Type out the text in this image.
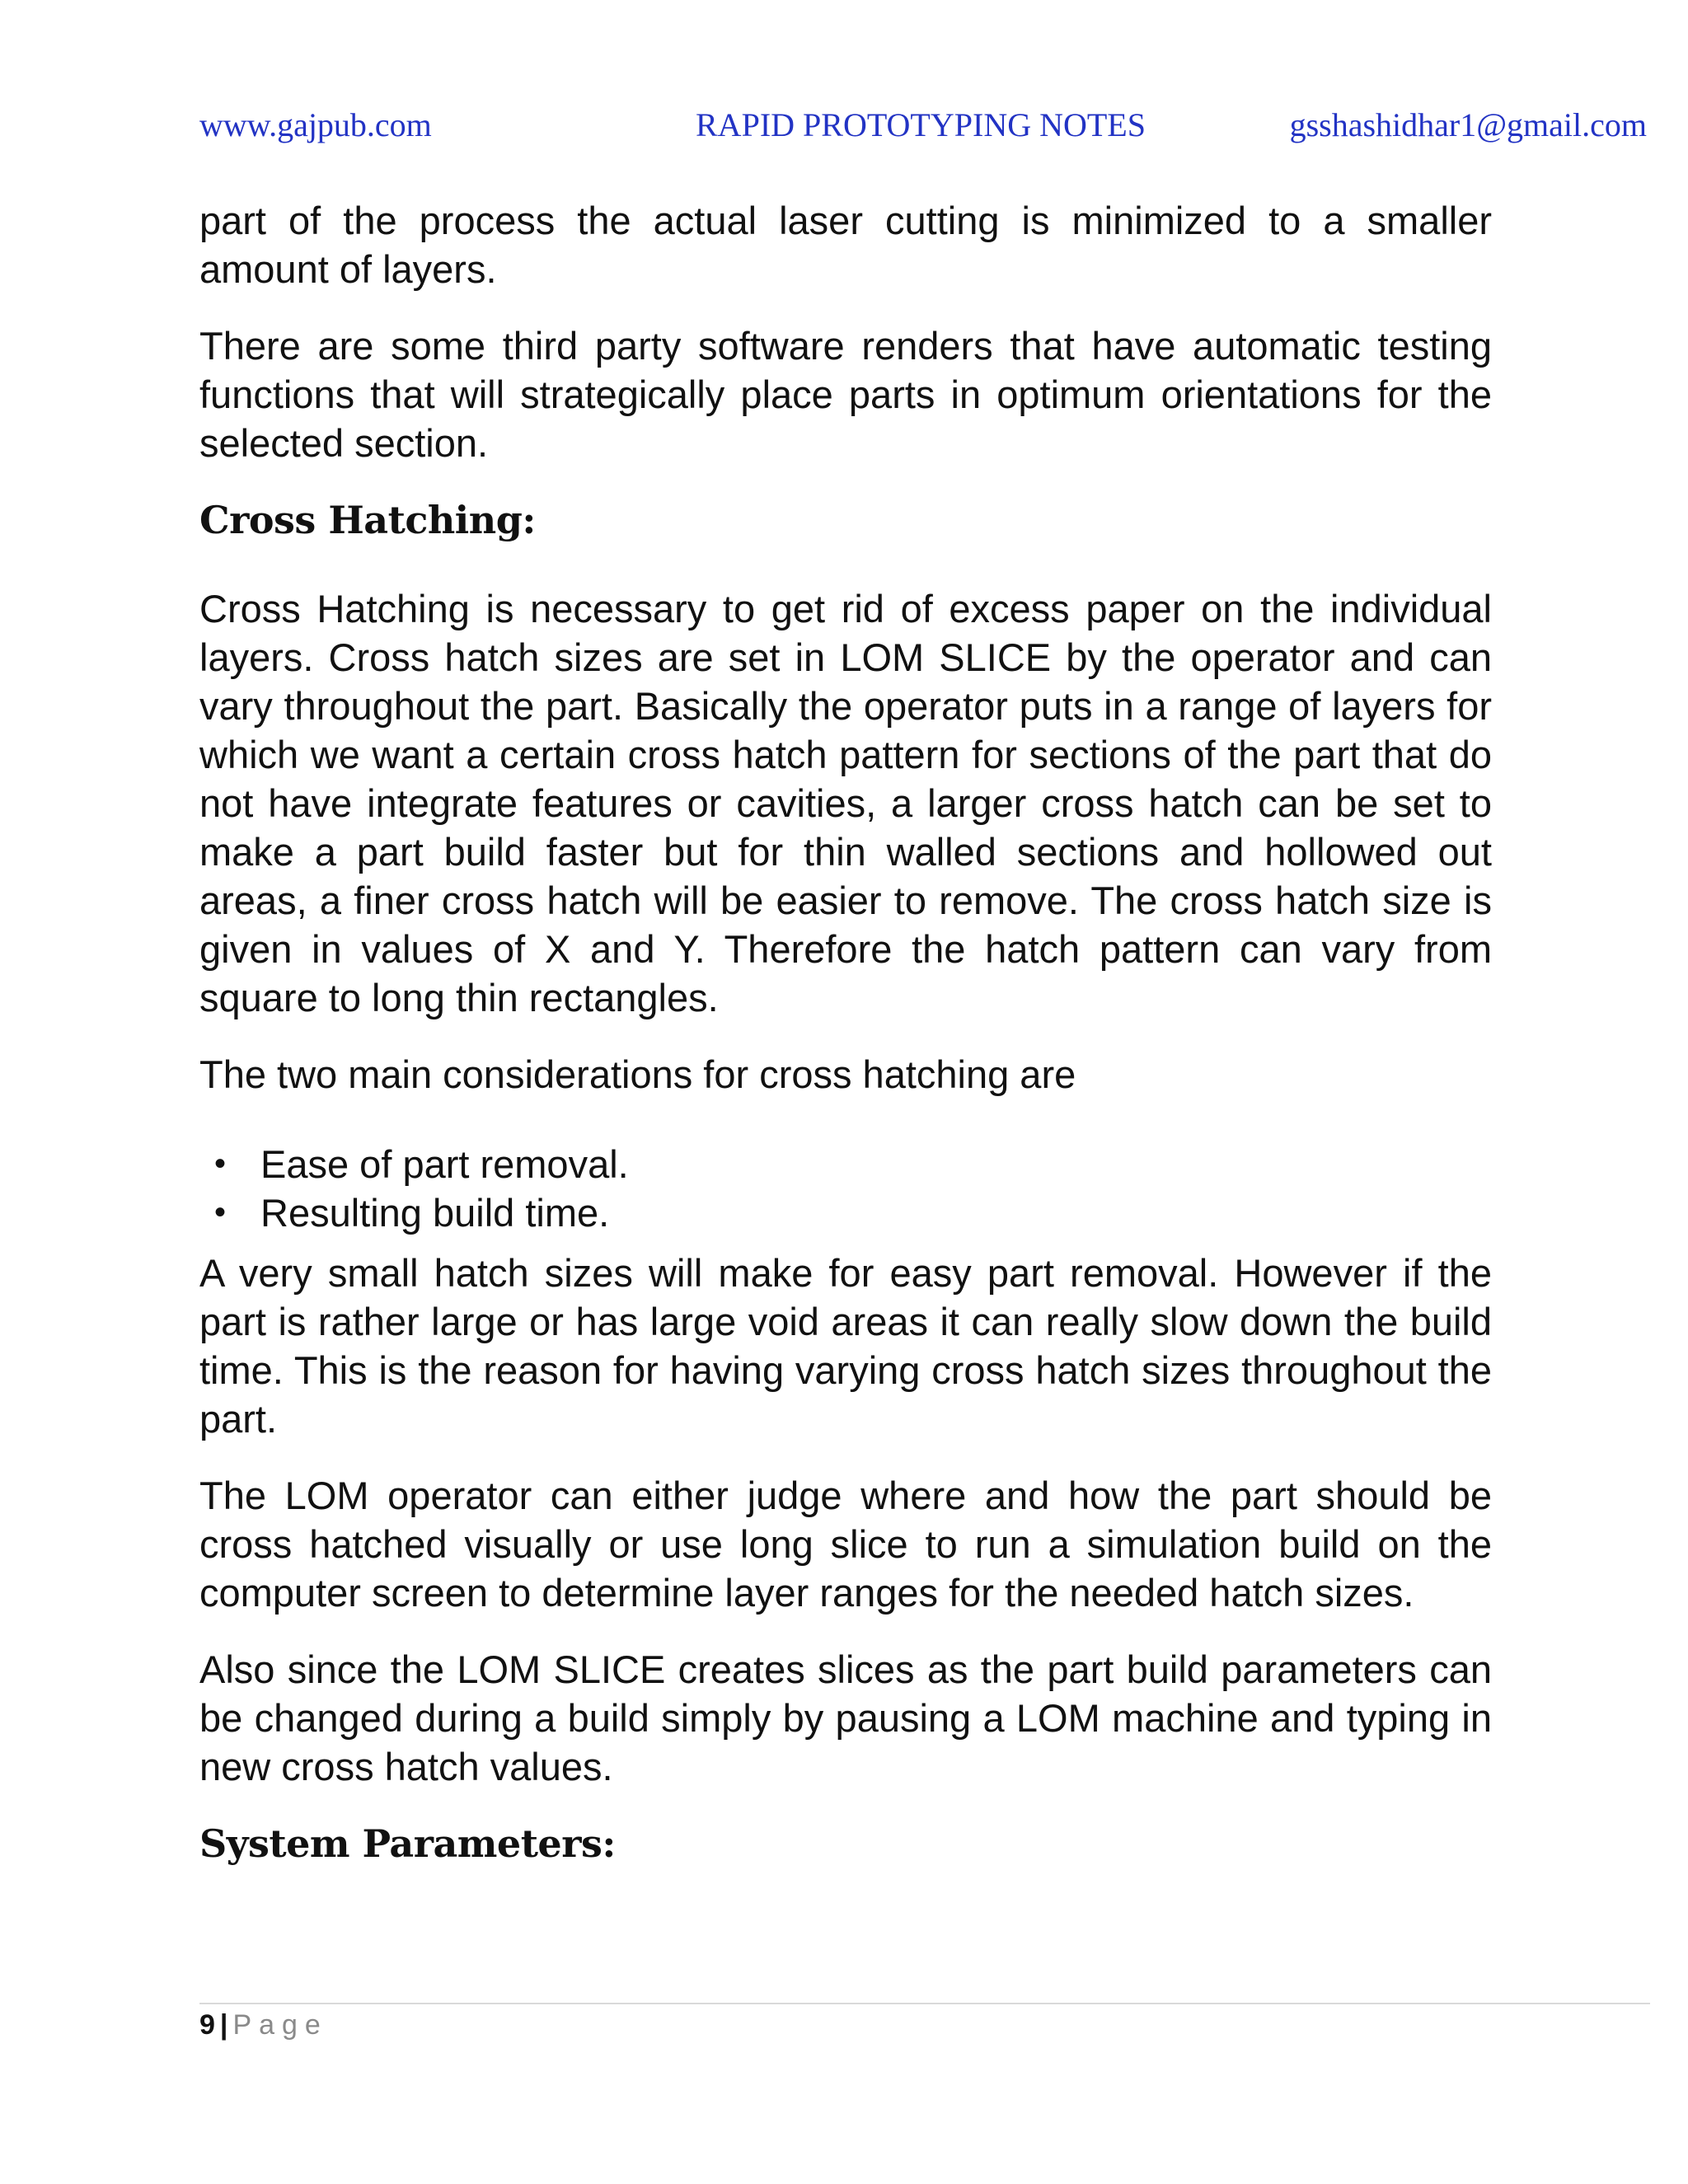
www.gajpub.com	RAPID PROTOTYPING NOTES	gsshashidhar1@gmail.com

part of the process the actual laser cutting is minimized to a smaller amount of layers.

There are some third party software renders that have automatic testing functions that will strategically place parts in optimum orientations for the selected section.

Cross Hatching:

Cross Hatching is necessary to get rid of excess paper on the individual layers. Cross hatch sizes are set in LOM SLICE by the operator and can vary throughout the part. Basically the operator puts in a range of layers for which we want a certain cross hatch pattern for sections of the part that do not have integrate features or cavities, a larger cross hatch can be set to make a part build faster but for thin walled sections and hollowed out areas, a finer cross hatch will be easier to remove. The cross hatch size is given in values of X and Y. Therefore the hatch pattern can vary from square to long thin rectangles.

The two main considerations for cross hatching are

• Ease of part removal.
• Resulting build time.

A very small hatch sizes will make for easy part removal. However if the part is rather large or has large void areas it can really slow down the build time. This is the reason for having varying cross hatch sizes throughout the part.

The LOM operator can either judge where and how the part should be cross hatched visually or use long slice to run a simulation build on the computer screen to determine layer ranges for the needed hatch sizes.

Also since the LOM SLICE creates slices as the part build parameters can be changed during a build simply by pausing a LOM machine and typing in new cross hatch values.

System Parameters:
9 | Page
